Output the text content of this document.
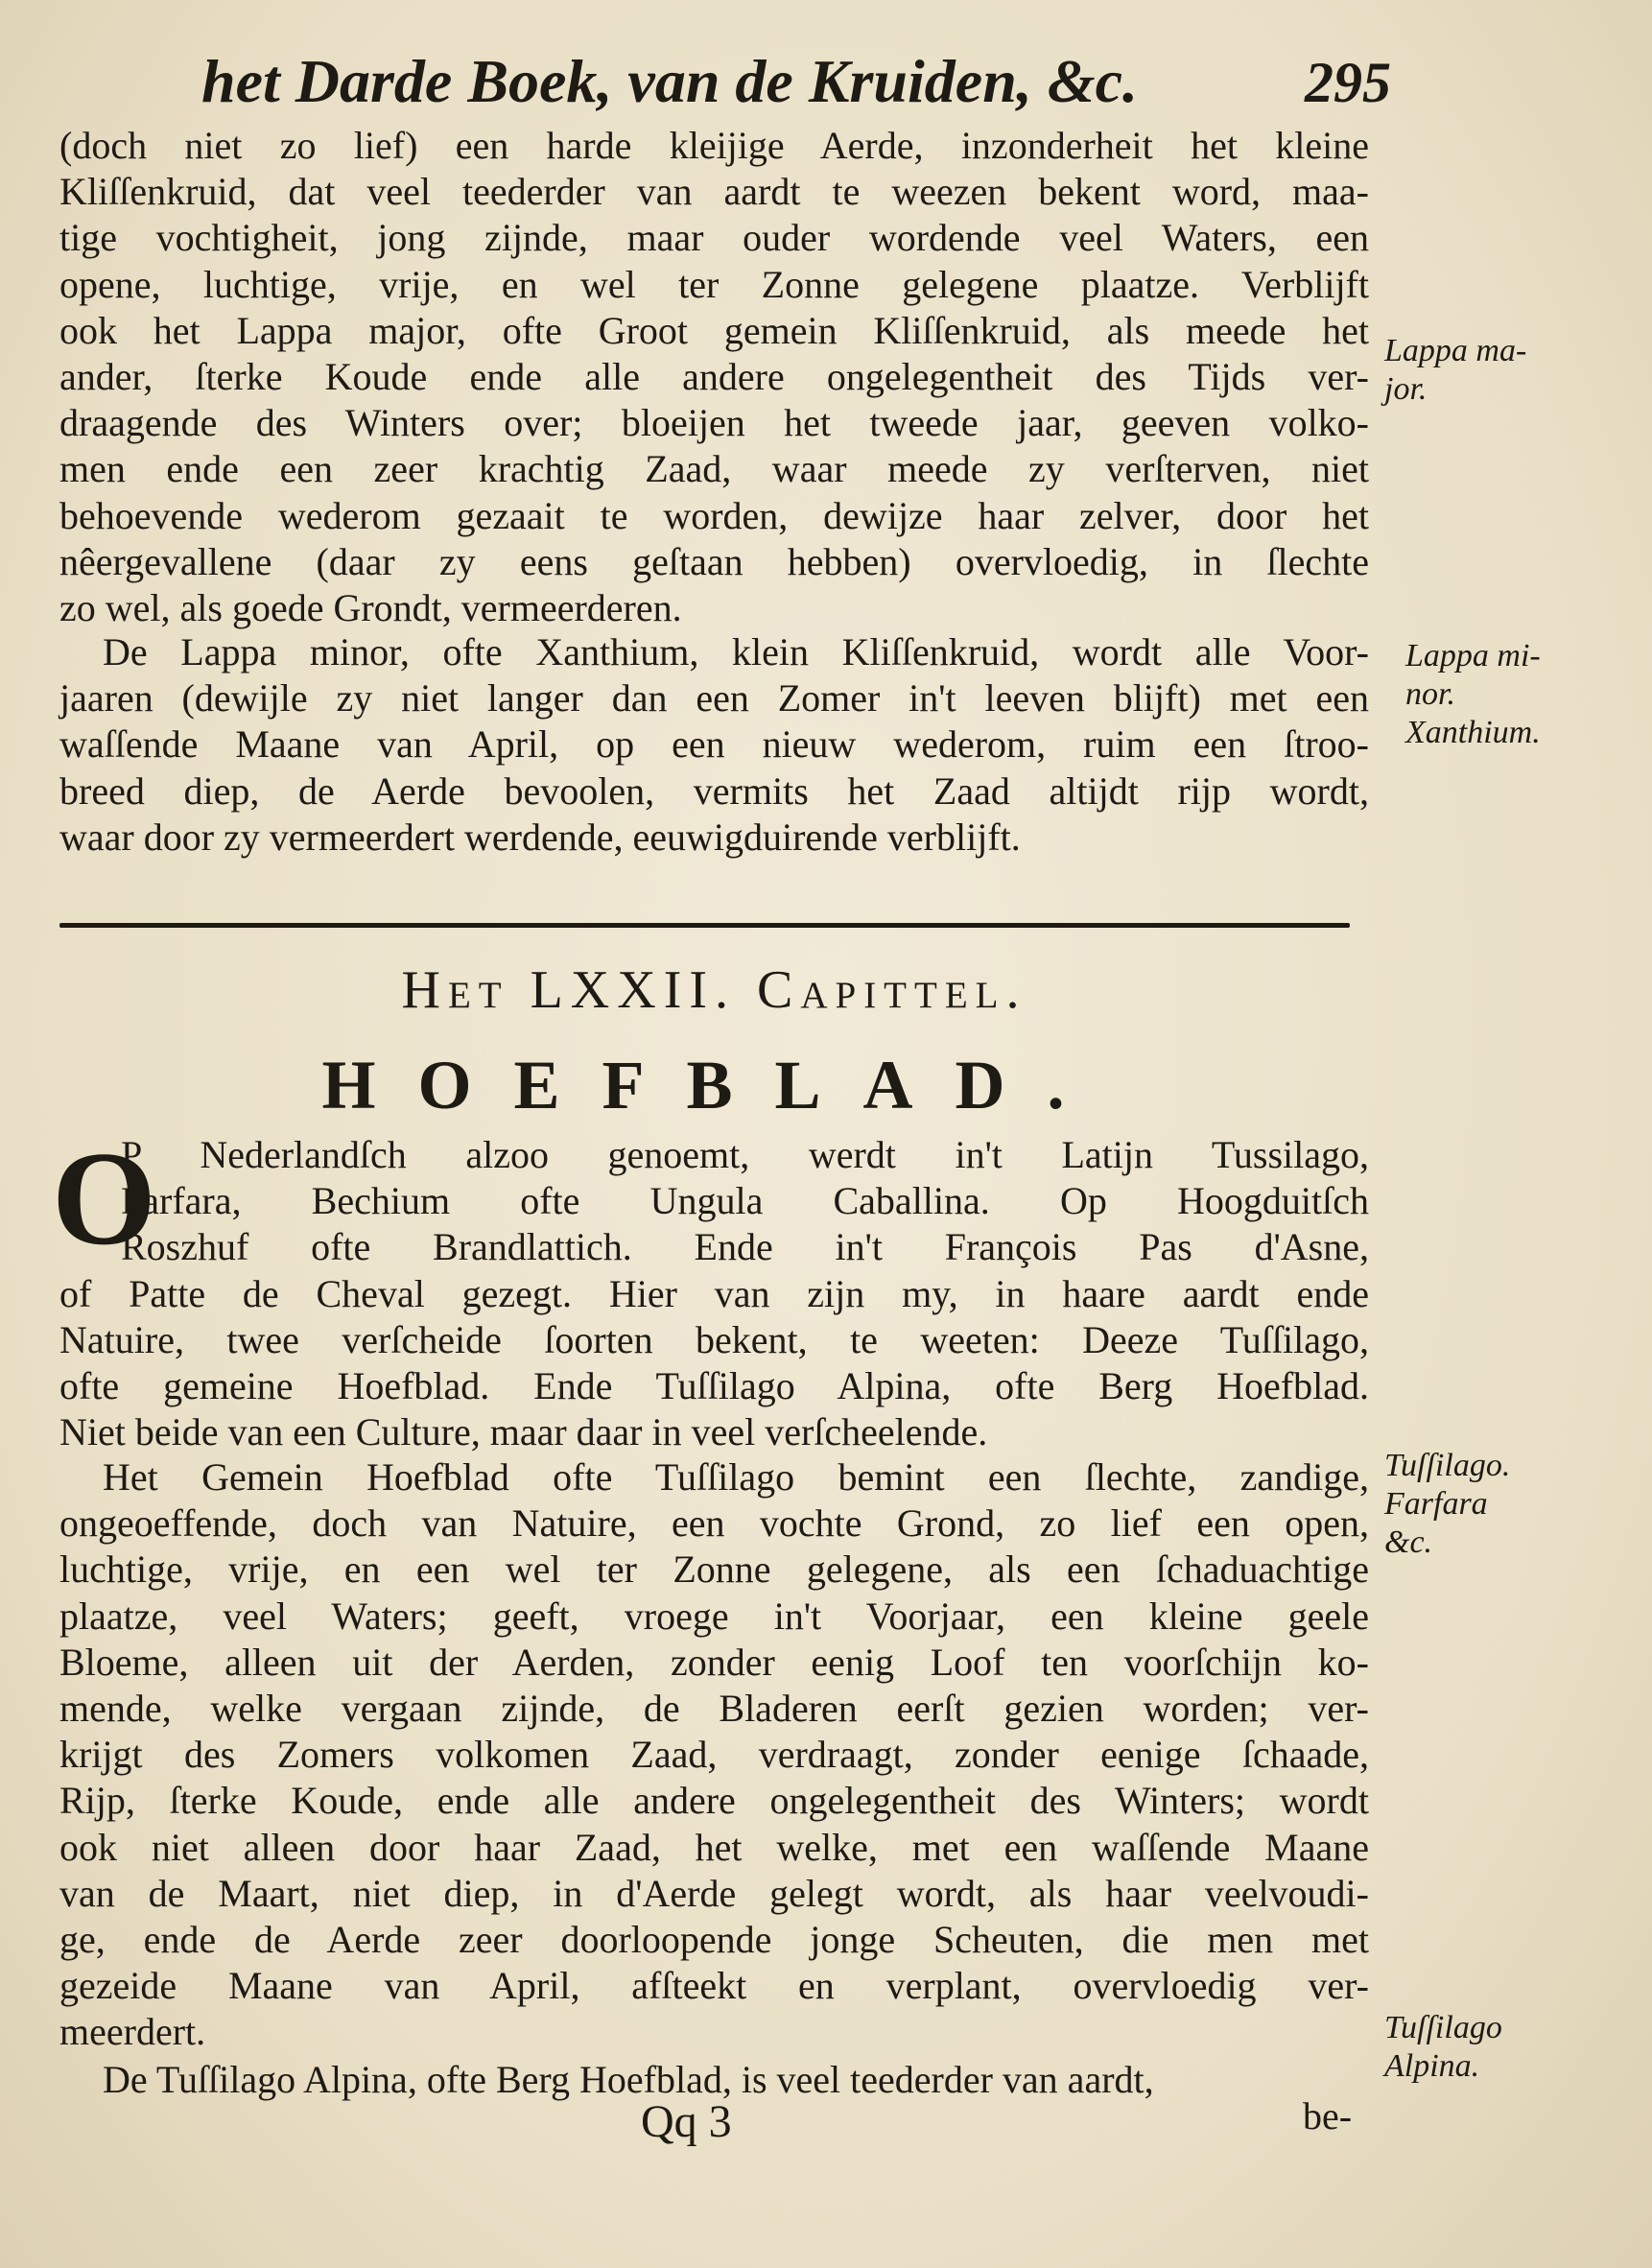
het Darde Boek, van de Kruiden, &c.	295

(doch niet zo lief) een harde kleijige Aerde, inzonderheit het kleine

Kliſſenkruid, dat veel teederder van aardt te weezen bekent word, maa-

tige vochtigheit, jong zijnde, maar ouder wordende veel Waters, een

opene, luchtige, vrije, en wel ter Zonne gelegene plaatze. Verblijft

ook het Lappa major, ofte Groot gemein Kliſſenkruid, als meede het

ander, ſterke Koude ende alle andere ongelegentheit des Tijds ver-

draagende des Winters over; bloeijen het tweede jaar, geeven volko-

men ende een zeer krachtig Zaad, waar meede zy verſterven, niet

behoevende wederom gezaait te worden, dewijze haar zelver, door het

nêergevallene (daar zy eens geſtaan hebben) overvloedig, in ſlechte

zo wel, als goede Grondt, vermeerderen.

De Lappa minor, ofte Xanthium, klein Kliſſenkruid, wordt alle Voor-

jaaren (dewijle zy niet langer dan een Zomer in't leeven blijft) met een

waſſende Maane van April, op een nieuw wederom, ruim een ſtroo-

breed diep, de Aerde bevoolen, vermits het Zaad altijdt rijp wordt,

waar door zy vermeerdert werdende, eeuwigduirende verblijft.

Het LXXII. Capittel.
HOEFBLAD.
O

P Nederlandſch alzoo genoemt, werdt in't Latijn Tussilago,

Farfara, Bechium ofte Ungula Caballina. Op Hoogduitſch

Roszhuf ofte Brandlattich. Ende in't François Pas d'Asne,

of Patte de Cheval gezegt. Hier van zijn my, in haare aardt ende

Natuire, twee verſcheide ſoorten bekent, te weeten: Deeze Tuſſilago,

ofte gemeine Hoefblad. Ende Tuſſilago Alpina, ofte Berg Hoefblad.

Niet beide van een Culture, maar daar in veel verſcheelende.

Het Gemein Hoefblad ofte Tuſſilago bemint een ſlechte, zandige,

ongeoeffende, doch van Natuire, een vochte Grond, zo lief een open,

luchtige, vrije, en een wel ter Zonne gelegene, als een ſchaduachtige

plaatze, veel Waters; geeft, vroege in't Voorjaar, een kleine geele

Bloeme, alleen uit der Aerden, zonder eenig Loof ten voorſchijn ko-

mende, welke vergaan zijnde, de Bladeren eerſt gezien worden; ver-

krijgt des Zomers volkomen Zaad, verdraagt, zonder eenige ſchaade,

Rijp, ſterke Koude, ende alle andere ongelegentheit des Winters; wordt

ook niet alleen door haar Zaad, het welke, met een waſſende Maane

van de Maart, niet diep, in d'Aerde gelegt wordt, als haar veelvoudi-

ge, ende de Aerde zeer doorloopende jonge Scheuten, die men met

gezeide Maane van April, afſteekt en verplant, overvloedig ver-

meerdert.

De Tuſſilago Alpina, ofte Berg Hoefblad, is veel teederder van aardt,

Lappa ma-
jor.
Lappa mi-
nor.
Xanthium.
Tuſſilago.
Farfara
&c.
Tuſſilago
Alpina.
Qq 3	be-
